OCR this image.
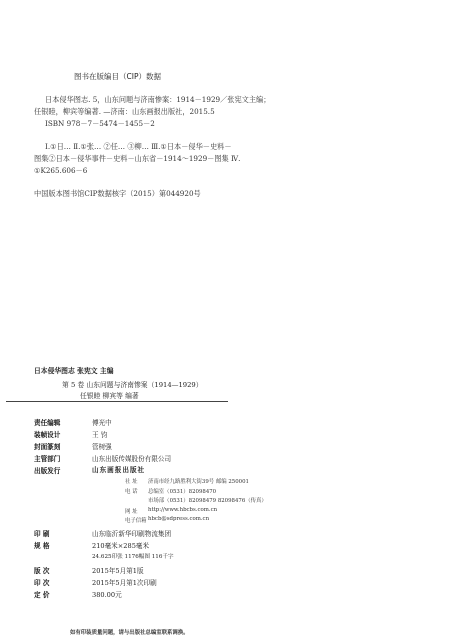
图书在版编目（CIP）数据
日本侵华图志. 5，山东问题与济南惨案：1914－1929／张宪文主编；
任银睦，柳宾等编著. —济南：山东画报出版社，2015.5
ISBN 978－7－5474－1455－2
Ⅰ.①日… Ⅱ.①张… ②任… ③柳… Ⅲ.①日本－侵华－史料－
图集②日本－侵华事件－史料－山东省－1914～1929－图集 Ⅳ.
①K265.606－6
中国版本图书馆CIP数据核字（2015）第044920号
日本侵华图志 张宪文 主编
第 5 卷 山东问题与济南惨案（1914—1929）
任银睦 柳宾等 编著
责任编辑	傅光中
装帧设计	王 钧
封面篆刻	管树强
主管部门	山东出版传媒股份有限公司
出版发行	山东画报出版社
社 址 济南市经九路胜利大街39号 邮编 250001
电 话 总编室（0531）82098470
市场部（0531）82098479 82098476（传真）
网 址 http://www.hbcbs.com.cn
电子信箱 hbcb@sdpress.com.cn
印 刷	山东临沂新华印刷物流集团
规 格	210毫米×285毫米
24.625印张 1176幅图 116千字
版 次	2015年5月第1版
印 次	2015年5月第1次印刷
定 价	380.00元
如有印装质量问题，请与出版社总编室联系调换。
